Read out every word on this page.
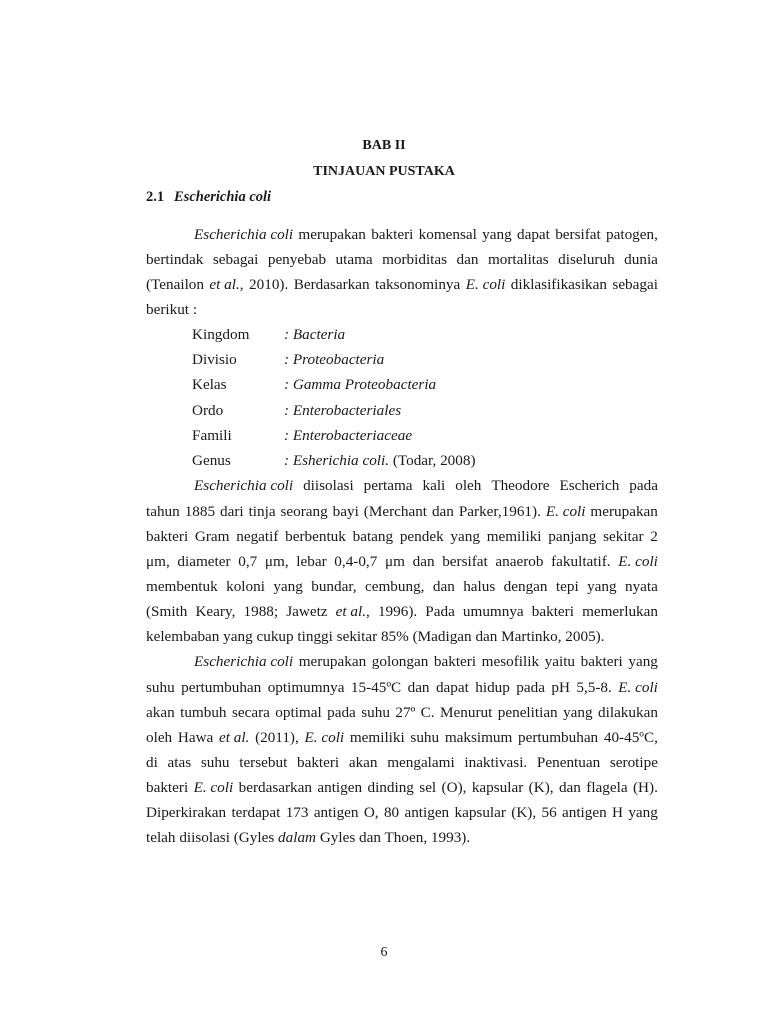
BAB II
TINJAUAN PUSTAKA
2.1 Escherichia coli
Escherichia coli merupakan bakteri komensal yang dapat bersifat patogen,
bertindak sebagai penyebab utama morbiditas dan mortalitas diseluruh dunia
(Tenailon et al., 2010). Berdasarkan taksonominya E. coli diklasifikasikan sebagai
berikut :
Kingdom : Bacteria
Divisio	: Proteobacteria
Kelas	: Gamma Proteobacteria
Ordo	: Enterobacteriales
Famili	: Enterobacteriaceae
Genus	: Esherichia coli. (Todar, 2008)
Escherichia coli diisolasi pertama kali oleh Theodore Escherich pada
tahun 1885 dari tinja seorang bayi (Merchant dan Parker,1961). E. coli merupakan
bakteri Gram negatif berbentuk batang pendek yang memiliki panjang sekitar 2
μm, diameter 0,7 μm, lebar 0,4-0,7 μm dan bersifat anaerob fakultatif. E. coli
membentuk koloni yang bundar, cembung, dan halus dengan tepi yang nyata
(Smith Keary, 1988; Jawetz et al., 1996). Pada umumnya bakteri memerlukan
kelembaban yang cukup tinggi sekitar 85% (Madigan dan Martinko, 2005).
Escherichia coli merupakan golongan bakteri mesofilik yaitu bakteri yang
suhu pertumbuhan optimumnya 15-45ºC dan dapat hidup pada pH 5,5-8. E. coli
akan tumbuh secara optimal pada suhu 27º C. Menurut penelitian yang dilakukan
oleh Hawa et al. (2011), E. coli memiliki suhu maksimum pertumbuhan 40-45ºC,
di atas suhu tersebut bakteri akan mengalami inaktivasi. Penentuan serotipe
bakteri E. coli berdasarkan antigen dinding sel (O), kapsular (K), dan flagela (H).
Diperkirakan terdapat 173 antigen O, 80 antigen kapsular (K), 56 antigen H yang
telah diisolasi (Gyles dalam Gyles dan Thoen, 1993).
6
